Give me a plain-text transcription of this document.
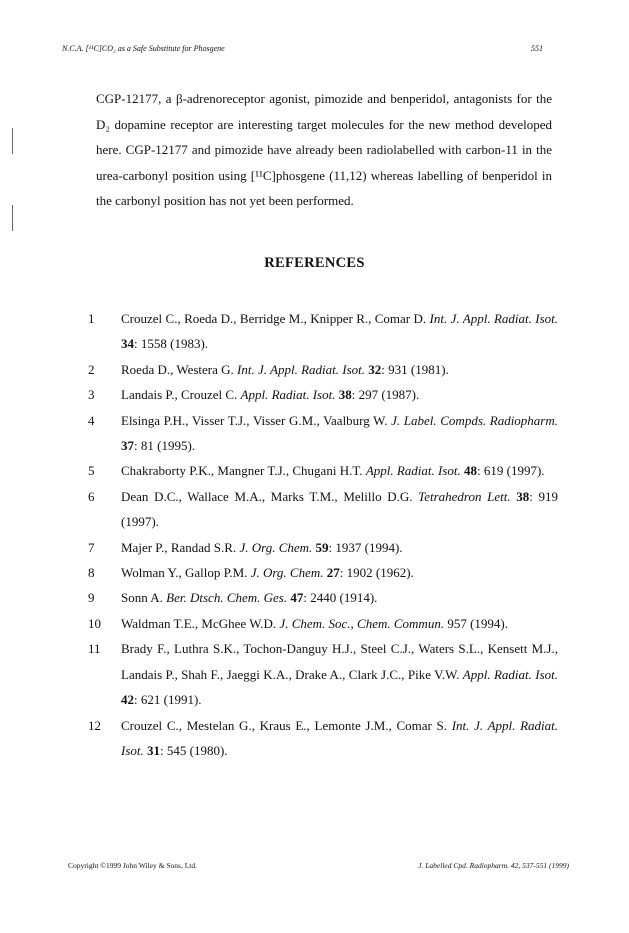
N.C.A. [¹¹C]CO₂ as a Safe Substitute for Phosgene	551

CGP-12177, a β-adrenoreceptor agonist, pimozide and benperidol, antagonists for the D₂ dopamine receptor are interesting target molecules for the new method developed here. CGP-12177 and pimozide have already been radiolabelled with carbon-11 in the urea-carbonyl position using [¹¹C]phosgene (11,12) whereas labelling of benperidol in the carbonyl position has not yet been performed.

REFERENCES
1	Crouzel C., Roeda D., Berridge M., Knipper R., Comar D. Int. J. Appl. Radiat. Isot. 34: 1558 (1983).
2	Roeda D., Westera G. Int. J. Appl. Radiat. Isot. 32: 931 (1981).
3	Landais P., Crouzel C. Appl. Radiat. Isot. 38: 297 (1987).
4	Elsinga P.H., Visser T.J., Visser G.M., Vaalburg W. J. Label. Compds. Radiopharm. 37: 81 (1995).
5	Chakraborty P.K., Mangner T.J., Chugani H.T. Appl. Radiat. Isot. 48: 619 (1997).
6	Dean D.C., Wallace M.A., Marks T.M., Melillo D.G. Tetrahedron Lett. 38: 919 (1997).
7	Majer P., Randad S.R. J. Org. Chem. 59: 1937 (1994).
8	Wolman Y., Gallop P.M. J. Org. Chem. 27: 1902 (1962).
9	Sonn A. Ber. Dtsch. Chem. Ges. 47: 2440 (1914).
10	Waldman T.E., McGhee W.D. J. Chem. Soc., Chem. Commun. 957 (1994).
11	Brady F., Luthra S.K., Tochon-Danguy H.J., Steel C.J., Waters S.L., Kensett M.J., Landais P., Shah F., Jaeggi K.A., Drake A., Clark J.C., Pike V.W. Appl. Radiat. Isot. 42: 621 (1991).
12	Crouzel C., Mestelan G., Kraus E., Lemonte J.M., Comar S. Int. J. Appl. Radiat. Isot. 31: 545 (1980).
Copyright ©1999 John Wiley & Sons, Ltd.	J. Labelled Cpd. Radiopharm. 42, 537-551 (1999)
